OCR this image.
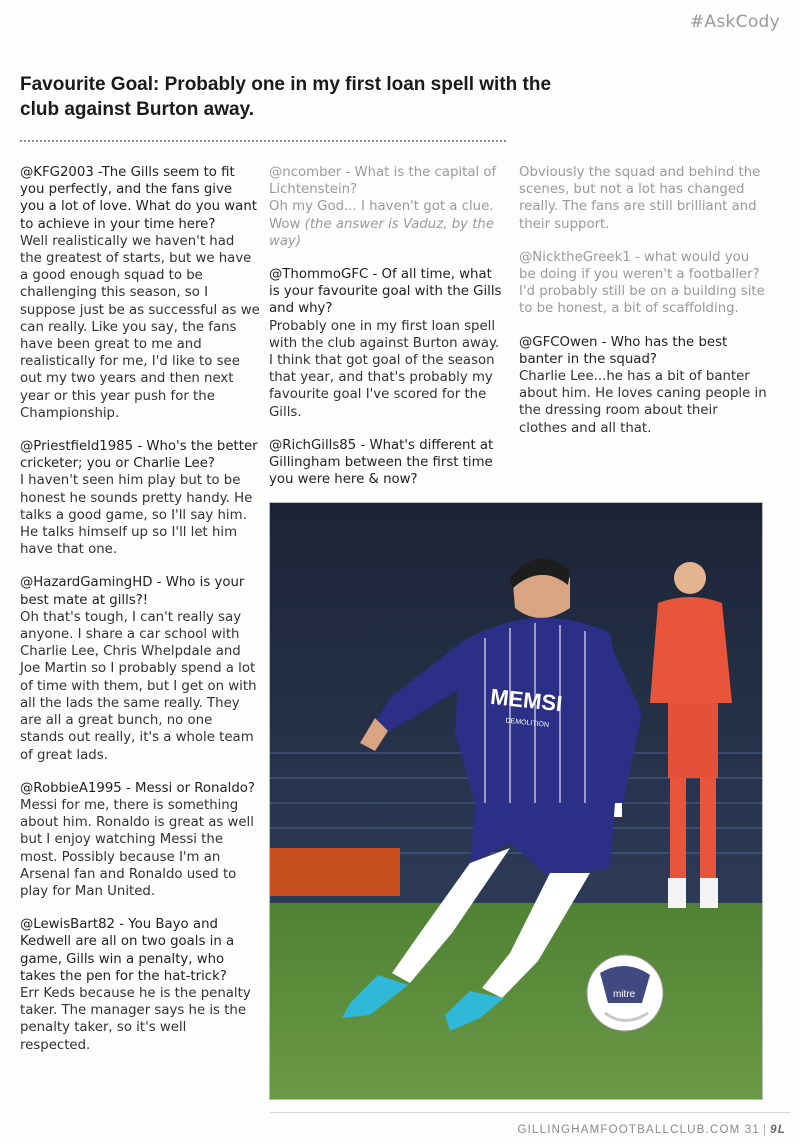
#AskCody
Favourite Goal: Probably one in my first loan spell with the club against Burton away.
@KFG2003 -The Gills seem to fit you perfectly, and the fans give you a lot of love. What do you want to achieve in your time here?
Well realistically we haven't had the greatest of starts, but we have a good enough squad to be challenging this season, so I suppose just be as successful as we can really. Like you say, the fans have been great to me and realistically for me, I'd like to see out my two years and then next year or this year push for the Championship.
@Priestfield1985 - Who's the better cricketer; you or Charlie Lee?
I haven't seen him play but to be honest he sounds pretty handy. He talks a good game, so I'll say him. He talks himself up so I'll let him have that one.
@HazardGamingHD - Who is your best mate at gills?!
Oh that's tough, I can't really say anyone. I share a car school with Charlie Lee, Chris Whelpdale and Joe Martin so I probably spend a lot of time with them, but I get on with all the lads the same really. They are all a great bunch, no one stands out really, it's a whole team of great lads.
@RobbieA1995 - Messi or Ronaldo?
Messi for me, there is something about him. Ronaldo is great as well but I enjoy watching Messi the most. Possibly because I'm an Arsenal fan and Ronaldo used to play for Man United.
@LewisBart82 - You Bayo and Kedwell are all on two goals in a game, Gills win a penalty, who takes the pen for the hat-trick?
Err Keds because he is the penalty taker. The manager says he is the penalty taker, so it's well respected.
@ncomber - What is the capital of Lichtenstein?
Oh my God... I haven't got a clue. Wow (the answer is Vaduz, by the way)
@ThommoGFC - Of all time, what is your favourite goal with the Gills and why?
Probably one in my first loan spell with the club against Burton away. I think that got goal of the season that year, and that's probably my favourite goal I've scored for the Gills.
@RichGills85 - What's different at Gillingham between the first time you were here & now?
Obviously the squad and behind the scenes, but not a lot has changed really. The fans are still brilliant and their support.
@NicktheGreek1 - what would you be doing if you weren't a footballer?
I'd probably still be on a building site to be honest, a bit of scaffolding.
@GFCOwen - Who has the best banter in the squad?
Charlie Lee...he has a bit of banter about him. He loves caning people in the dressing room about their clothes and all that.
mitre
MEMSI
DEMOLITION
GILLINGHAMFOOTBALLCLUB.COM 31 | 9L
